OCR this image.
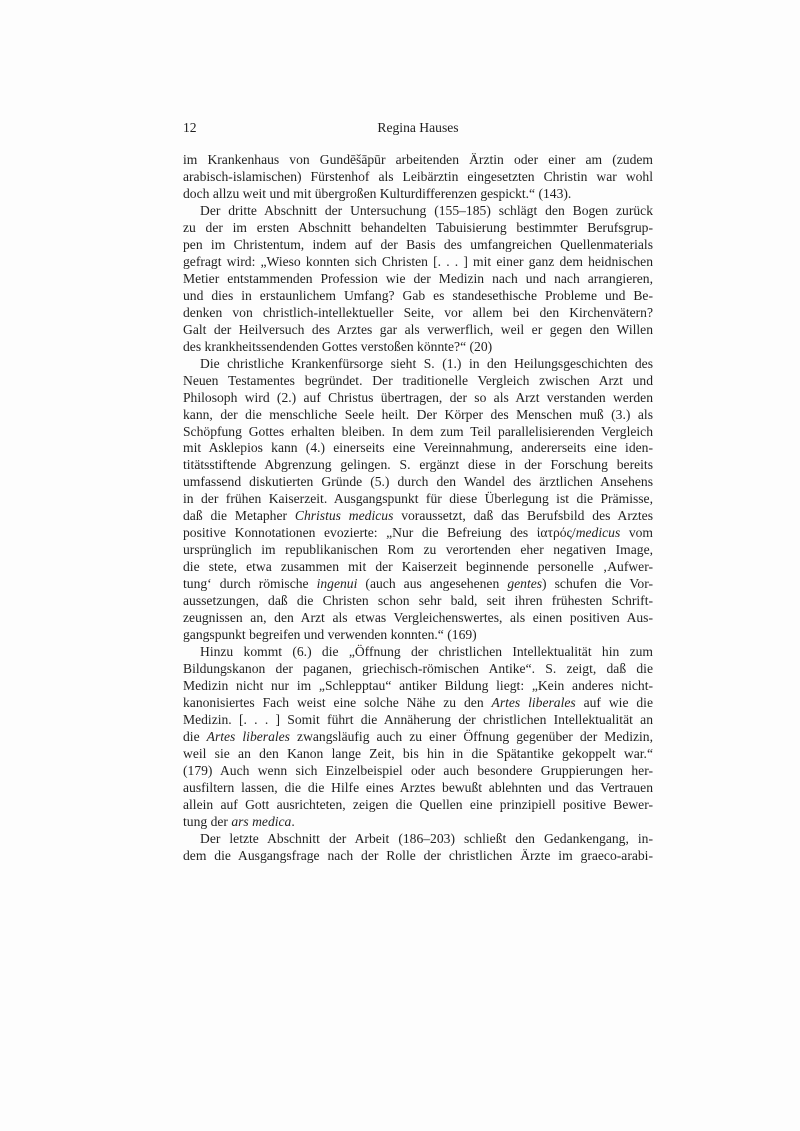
12	Regina Hauses
im Krankenhaus von Gundēšāpūr arbeitenden Ärztin oder einer am (zudem
arabisch-islamischen) Fürstenhof als Leibärztin eingesetzten Christin war wohl
doch allzu weit und mit übergroßen Kulturdifferenzen gespickt.“ (143).
Der dritte Abschnitt der Untersuchung (155–185) schlägt den Bogen zurück
zu der im ersten Abschnitt behandelten Tabuisierung bestimmter Berufsgrup-
pen im Christentum, indem auf der Basis des umfangreichen Quellenmaterials
gefragt wird: „Wieso konnten sich Christen [. . . ] mit einer ganz dem heidnischen
Metier entstammenden Profession wie der Medizin nach und nach arrangieren,
und dies in erstaunlichem Umfang? Gab es standesethische Probleme und Be-
denken von christlich-intellektueller Seite, vor allem bei den Kirchenvätern?
Galt der Heilversuch des Arztes gar als verwerflich, weil er gegen den Willen
des krankheitssendenden Gottes verstoßen könnte?“ (20)
Die christliche Krankenfürsorge sieht S. (1.) in den Heilungsgeschichten des
Neuen Testamentes begründet. Der traditionelle Vergleich zwischen Arzt und
Philosoph wird (2.) auf Christus übertragen, der so als Arzt verstanden werden
kann, der die menschliche Seele heilt. Der Körper des Menschen muß (3.) als
Schöpfung Gottes erhalten bleiben. In dem zum Teil parallelisierenden Vergleich
mit Asklepios kann (4.) einerseits eine Vereinnahmung, andererseits eine iden-
titätsstiftende Abgrenzung gelingen. S. ergänzt diese in der Forschung bereits
umfassend diskutierten Gründe (5.) durch den Wandel des ärztlichen Ansehens
in der frühen Kaiserzeit. Ausgangspunkt für diese Überlegung ist die Prämisse,
daß die Metapher Christus medicus voraussetzt, daß das Berufsbild des Arztes
positive Konnotationen evozierte: „Nur die Befreiung des ἰατρός/medicus vom
ursprünglich im republikanischen Rom zu verortenden eher negativen Image,
die stete, etwa zusammen mit der Kaiserzeit beginnende personelle ‚Aufwer-
tung‘ durch römische ingenui (auch aus angesehenen gentes) schufen die Vor-
aussetzungen, daß die Christen schon sehr bald, seit ihren frühesten Schrift-
zeugnissen an, den Arzt als etwas Vergleichenswertes, als einen positiven Aus-
gangspunkt begreifen und verwenden konnten.“ (169)
Hinzu kommt (6.) die „Öffnung der christlichen Intellektualität hin zum
Bildungskanon der paganen, griechisch-römischen Antike“. S. zeigt, daß die
Medizin nicht nur im „Schlepptau“ antiker Bildung liegt: „Kein anderes nicht-
kanonisiertes Fach weist eine solche Nähe zu den Artes liberales auf wie die
Medizin. [. . . ] Somit führt die Annäherung der christlichen Intellektualität an
die Artes liberales zwangsläufig auch zu einer Öffnung gegenüber der Medizin,
weil sie an den Kanon lange Zeit, bis hin in die Spätantike gekoppelt war.“
(179) Auch wenn sich Einzelbeispiel oder auch besondere Gruppierungen her-
ausfiltern lassen, die die Hilfe eines Arztes bewußt ablehnten und das Vertrauen
allein auf Gott ausrichteten, zeigen die Quellen eine prinzipiell positive Bewer-
tung der ars medica.
Der letzte Abschnitt der Arbeit (186–203) schließt den Gedankengang, in-
dem die Ausgangsfrage nach der Rolle der christlichen Ärzte im graeco-arabi-
